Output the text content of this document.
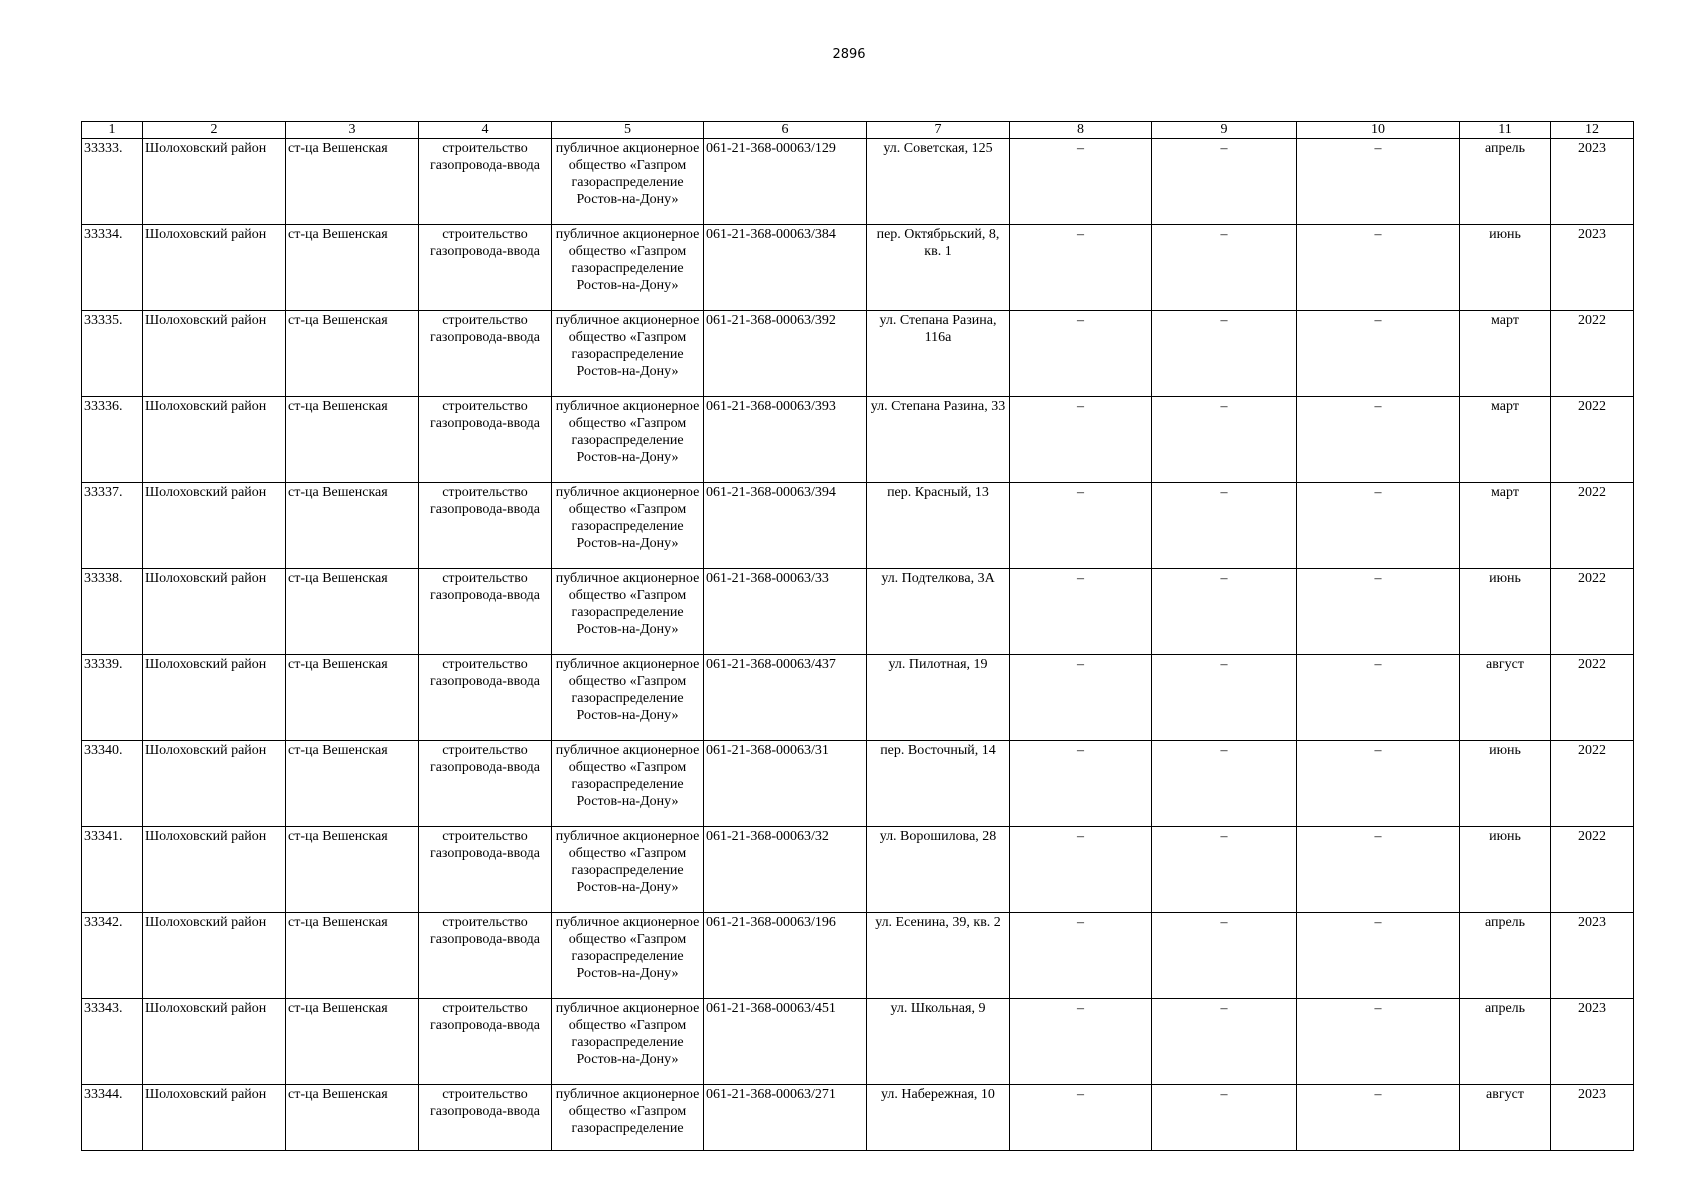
2896
1	2	3	4	5	6	7	8	9	10	11	12
33333.	Шолоховский район	ст-ца Вешенская	строительство газопровода-ввода	публичное акционерное общество «Газпром газораспределение Ростов-на-Дону»	061-21-368-00063/129	ул. Советская, 125	–	–	–	апрель	2023
33334.	Шолоховский район	ст-ца Вешенская	строительство газопровода-ввода	публичное акционерное общество «Газпром газораспределение Ростов-на-Дону»	061-21-368-00063/384	пер. Октябрьский, 8, кв. 1	–	–	–	июнь	2023
33335.	Шолоховский район	ст-ца Вешенская	строительство газопровода-ввода	публичное акционерное общество «Газпром газораспределение Ростов-на-Дону»	061-21-368-00063/392	ул. Степана Разина, 116а	–	–	–	март	2022
33336.	Шолоховский район	ст-ца Вешенская	строительство газопровода-ввода	публичное акционерное общество «Газпром газораспределение Ростов-на-Дону»	061-21-368-00063/393	ул. Степана Разина, 33	–	–	–	март	2022
33337.	Шолоховский район	ст-ца Вешенская	строительство газопровода-ввода	публичное акционерное общество «Газпром газораспределение Ростов-на-Дону»	061-21-368-00063/394	пер. Красный, 13	–	–	–	март	2022
33338.	Шолоховский район	ст-ца Вешенская	строительство газопровода-ввода	публичное акционерное общество «Газпром газораспределение Ростов-на-Дону»	061-21-368-00063/33	ул. Подтелкова, 3А	–	–	–	июнь	2022
33339.	Шолоховский район	ст-ца Вешенская	строительство газопровода-ввода	публичное акционерное общество «Газпром газораспределение Ростов-на-Дону»	061-21-368-00063/437	ул. Пилотная, 19	–	–	–	август	2022
33340.	Шолоховский район	ст-ца Вешенская	строительство газопровода-ввода	публичное акционерное общество «Газпром газораспределение Ростов-на-Дону»	061-21-368-00063/31	пер. Восточный, 14	–	–	–	июнь	2022
33341.	Шолоховский район	ст-ца Вешенская	строительство газопровода-ввода	публичное акционерное общество «Газпром газораспределение Ростов-на-Дону»	061-21-368-00063/32	ул. Ворошилова, 28	–	–	–	июнь	2022
33342.	Шолоховский район	ст-ца Вешенская	строительство газопровода-ввода	публичное акционерное общество «Газпром газораспределение Ростов-на-Дону»	061-21-368-00063/196	ул. Есенина, 39, кв. 2	–	–	–	апрель	2023
33343.	Шолоховский район	ст-ца Вешенская	строительство газопровода-ввода	публичное акционерное общество «Газпром газораспределение Ростов-на-Дону»	061-21-368-00063/451	ул. Школьная, 9	–	–	–	апрель	2023
33344.	Шолоховский район	ст-ца Вешенская	строительство газопровода-ввода	публичное акционерное общество «Газпром газораспределение	061-21-368-00063/271	ул. Набережная, 10	–	–	–	август	2023
